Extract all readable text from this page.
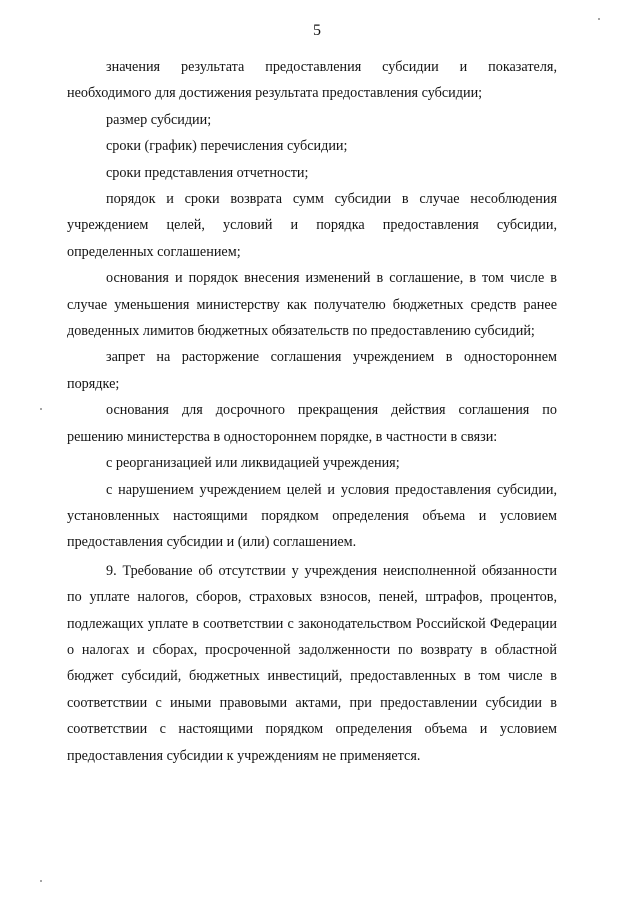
5

значения результата предоставления субсидии и показателя, необходимого для достижения результата предоставления субсидии;

размер субсидии;

сроки (график) перечисления субсидии;

сроки представления отчетности;

порядок и сроки возврата сумм субсидии в случае несоблюдения учреждением целей, условий и порядка предоставления субсидии, определенных соглашением;

основания и порядок внесения изменений в соглашение, в том числе в случае уменьшения министерству как получателю бюджетных средств ранее доведенных лимитов бюджетных обязательств по предоставлению субсидий;

запрет на расторжение соглашения учреждением в одностороннем порядке;

основания для досрочного прекращения действия соглашения по решению министерства в одностороннем порядке, в частности в связи:

с реорганизацией или ликвидацией учреждения;

с нарушением учреждением целей и условия предоставления субсидии, установленных настоящими порядком определения объема и условием предоставления субсидии и (или) соглашением.

9. Требование об отсутствии у учреждения неисполненной обязанности по уплате налогов, сборов, страховых взносов, пеней, штрафов, процентов, подлежащих уплате в соответствии с законодательством Российской Федерации о налогах и сборах, просроченной задолженности по возврату в областной бюджет субсидий, бюджетных инвестиций, предоставленных в том числе в соответствии с иными правовыми актами, при предоставлении субсидии в соответствии с настоящими порядком определения объема и условием предоставления субсидии к учреждениям не применяется.
